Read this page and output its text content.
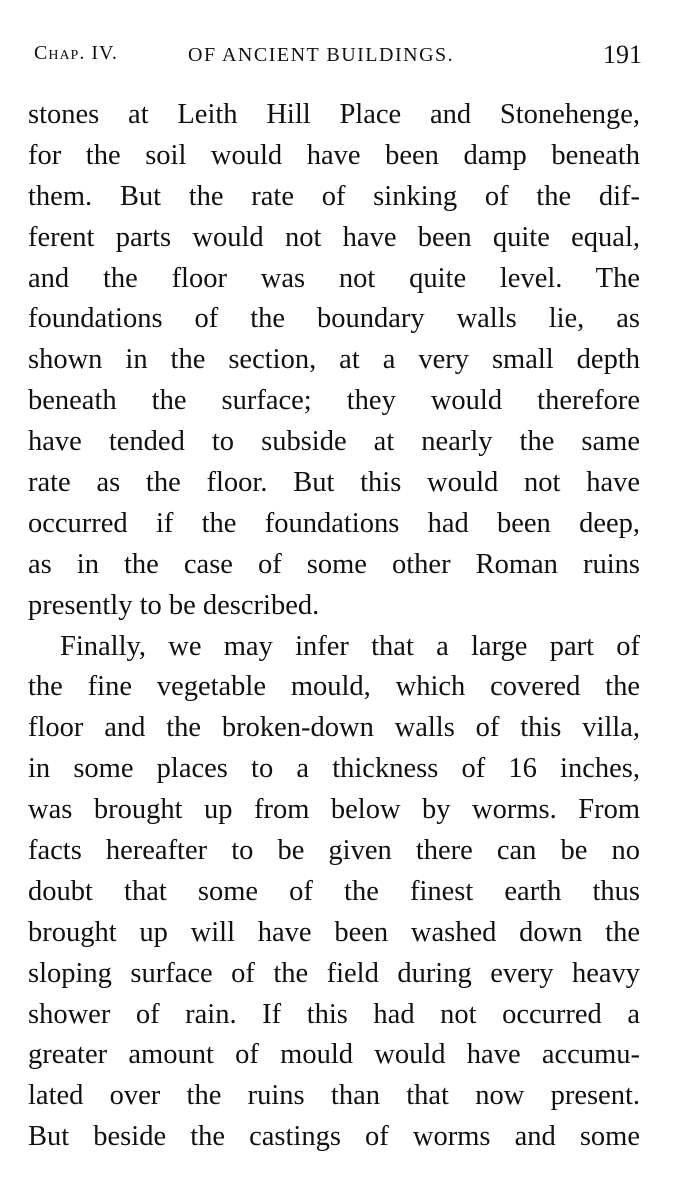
Chap. IV.	OF ANCIENT BUILDINGS.	191
stones at Leith Hill Place and Stonehenge,
for the soil would have been damp beneath
them. But the rate of sinking of the dif-
ferent parts would not have been quite equal,
and the floor was not quite level. The
foundations of the boundary walls lie, as
shown in the section, at a very small depth
beneath the surface; they would therefore
have tended to subside at nearly the same
rate as the floor. But this would not have
occurred if the foundations had been deep,
as in the case of some other Roman ruins
presently to be described.
Finally, we may infer that a large part of
the fine vegetable mould, which covered the
floor and the broken-down walls of this villa,
in some places to a thickness of 16 inches,
was brought up from below by worms. From
facts hereafter to be given there can be no
doubt that some of the finest earth thus
brought up will have been washed down the
sloping surface of the field during every heavy
shower of rain. If this had not occurred a
greater amount of mould would have accumu-
lated over the ruins than that now present.
But beside the castings of worms and some
